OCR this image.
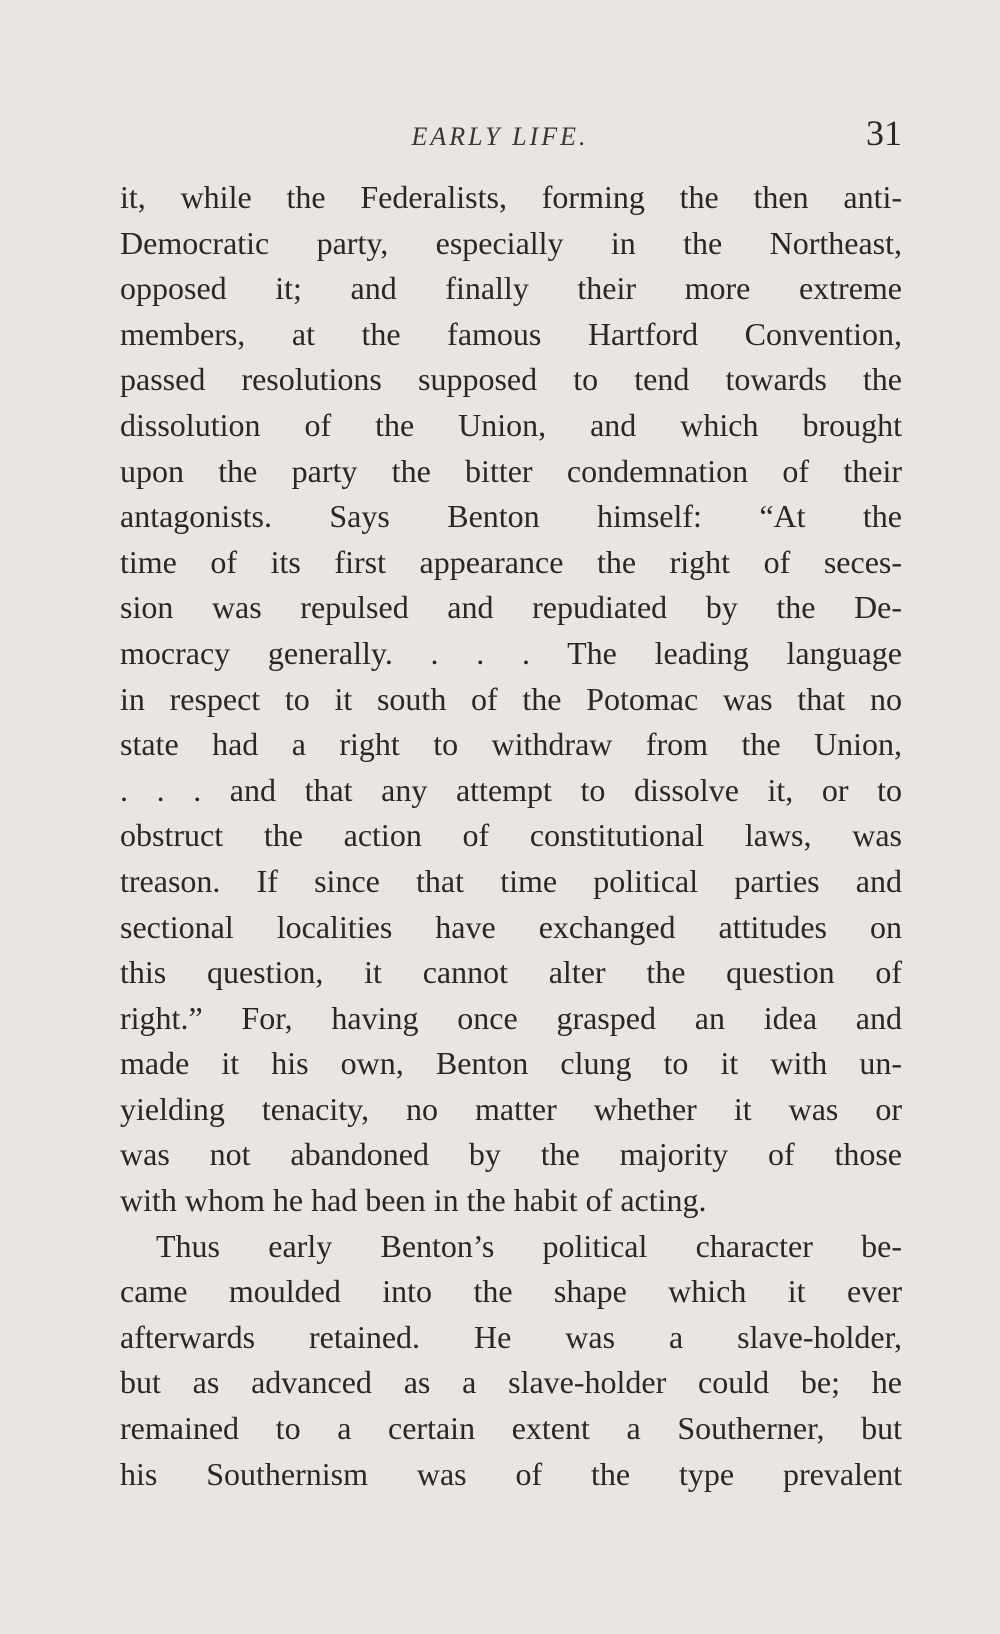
EARLY LIFE.	31
it, while the Federalists, forming the then anti-
Democratic party, especially in the Northeast,
opposed it; and finally their more extreme
members, at the famous Hartford Convention,
passed resolutions supposed to tend towards the
dissolution of the Union, and which brought
upon the party the bitter condemnation of their
antagonists. Says Benton himself: “At the
time of its first appearance the right of seces-
sion was repulsed and repudiated by the De-
mocracy generally. . . . The leading language
in respect to it south of the Potomac was that no
state had a right to withdraw from the Union,
. . . and that any attempt to dissolve it, or to
obstruct the action of constitutional laws, was
treason. If since that time political parties and
sectional localities have exchanged attitudes on
this question, it cannot alter the question of
right.” For, having once grasped an idea and
made it his own, Benton clung to it with un-
yielding tenacity, no matter whether it was or
was not abandoned by the majority of those
with whom he had been in the habit of acting.
Thus early Benton’s political character be-
came moulded into the shape which it ever
afterwards retained. He was a slave-holder,
but as advanced as a slave-holder could be; he
remained to a certain extent a Southerner, but
his Southernism was of the type prevalent
